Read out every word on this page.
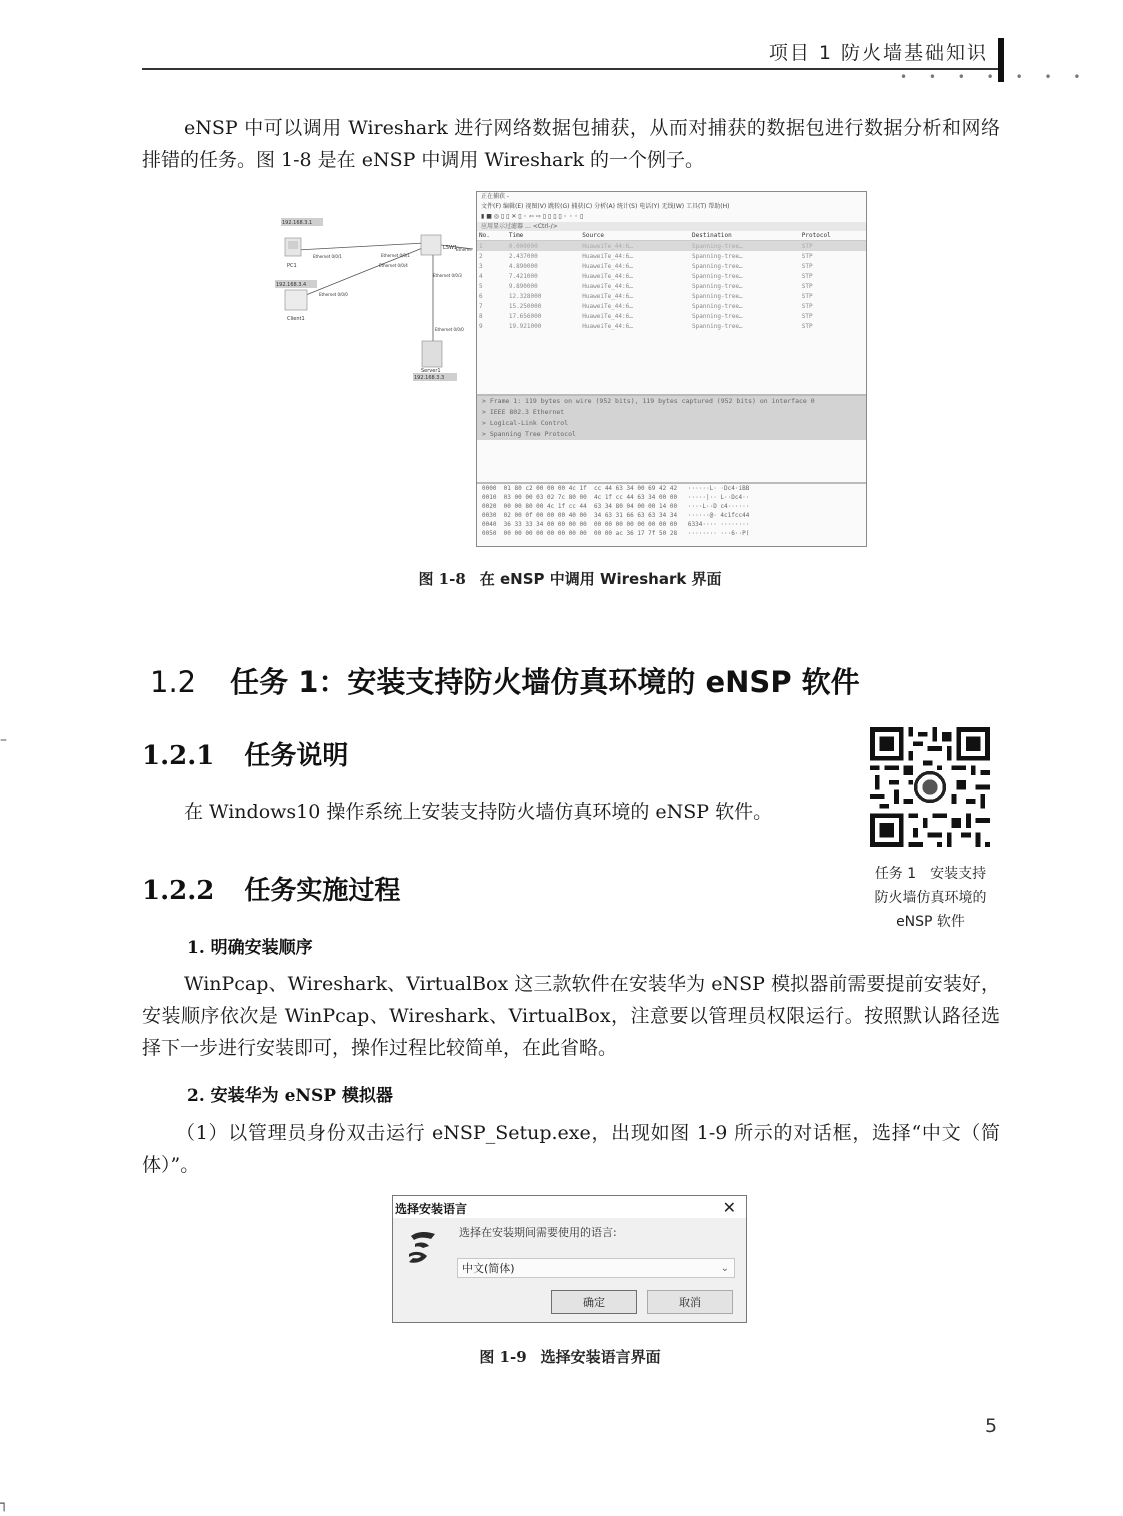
项目 1 防火墙基础知识
• • • • • • •

eNSP 中可以调用 Wireshark 进行网络数据包捕获，从而对捕获的数据包进行数据分析和网络排错的任务。图 1-8 是在 eNSP 中调用 Wireshark 的一个例子。

192.168.3.1
PC1
192.168.3.4
Client1
Server1
192.168.3.3
LSW1
Ethernet 0/0/1	Ethernet 0/0/1
Ethernet 0/0/4
Ethernet 0/0/3
Ethernet 0/0/0
Ethernet 0/0/0
Etherne
正在捕获 -
文件(F) 编辑(E) 视图(V) 跳转(G) 捕获(C) 分析(A) 统计(S) 电话(Y) 无线(W) 工具(T) 帮助(H)
▮ ■ ◎ ▯ ▯ ✕ ▯ ◦ ⇦ ⇨ ▯ ▯ ▯ ▯ ◦ ◦ ◦ ▯
应用显示过滤器 … <Ctrl-/>
No.	Time	Source	Destination	Protocol
1	0.000000	HuaweiTe_44:6…	Spanning-tree…	STP
2	2.437000	HuaweiTe_44:6…	Spanning-tree…	STP
3	4.890000	HuaweiTe_44:6…	Spanning-tree…	STP
4	7.421000	HuaweiTe_44:6…	Spanning-tree…	STP
5	9.890000	HuaweiTe_44:6…	Spanning-tree…	STP
6	12.328000	HuaweiTe_44:6…	Spanning-tree…	STP
7	15.250000	HuaweiTe_44:6…	Spanning-tree…	STP
8	17.656000	HuaweiTe_44:6…	Spanning-tree…	STP
9	19.921000	HuaweiTe_44:6…	Spanning-tree…	STP
> Frame 1: 119 bytes on wire (952 bits), 119 bytes captured (952 bits) on interface 0
> IEEE 802.3 Ethernet
> Logical-Link Control
> Spanning Tree Protocol
0000  01 80 c2 00 00 00 4c 1f  cc 44 63 34 00 69 42 42   ······L· ·Dc4·iBB
0010  03 00 00 03 02 7c 80 00  4c 1f cc 44 63 34 00 00   ·····|·· L··Dc4··
0020  00 00 80 00 4c 1f cc 44  63 34 80 04 00 00 14 00   ····L··D c4······
0030  02 00 0f 00 00 00 40 00  34 63 31 66 63 63 34 34   ······@· 4c1fcc44
0040  36 33 33 34 00 00 00 00  00 00 00 00 00 00 00 00   6334···· ········
0050  00 00 00 00 00 00 00 00  00 00 ac 36 17 7f 50 28   ········ ···6··P(
图 1-8 在 eNSP 中调用 Wireshark 界面
1.2 任务 1：安装支持防火墙仿真环境的 eNSP 软件
–
1.2.1 任务说明

在 Windows10 操作系统上安装支持防火墙仿真环境的 eNSP 软件。

任务 1　安装支持
防火墙仿真环境的
eNSP 软件
1.2.2 任务实施过程
1. 明确安装顺序

WinPcap、Wireshark、VirtualBox 这三款软件在安装华为 eNSP 模拟器前需要提前安装好，安装顺序依次是 WinPcap、Wireshark、VirtualBox，注意要以管理员权限运行。按照默认路径选择下一步进行安装即可，操作过程比较简单，在此省略。

2. 安装华为 eNSP 模拟器

（1）以管理员身份双击运行 eNSP_Setup.exe，出现如图 1-9 所示的对话框，选择“中文（简体）”。

选择安装语言	✕
选择在安装期间需要使用的语言:
中文(简体)	⌄
确定	取消
图 1-9 选择安装语言界面
5
┐
